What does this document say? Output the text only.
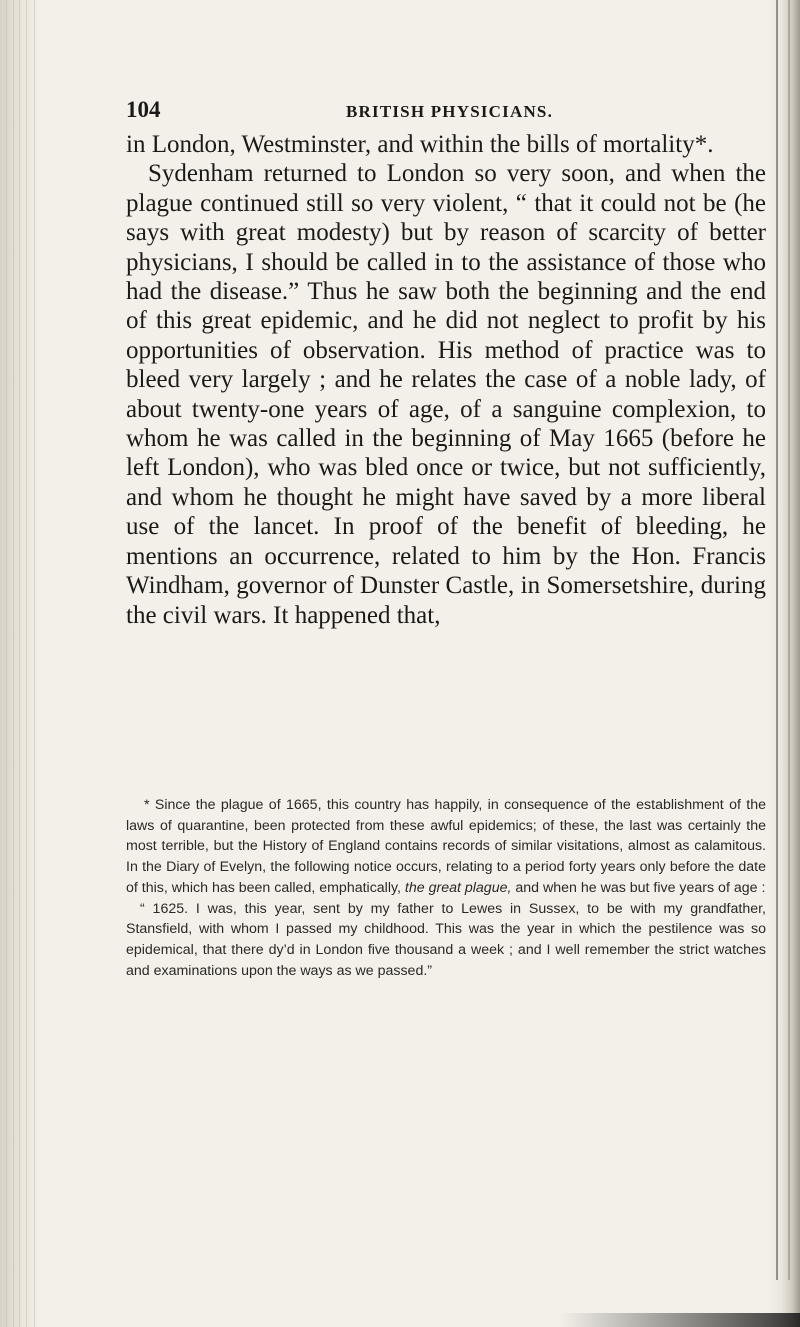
104	BRITISH PHYSICIANS.

in London, Westminster, and within the bills of mortality*.

Sydenham returned to London so very soon, and when the plague continued still so very violent, “ that it could not be (he says with great modesty) but by reason of scarcity of better physicians, I should be called in to the assistance of those who had the disease.” Thus he saw both the beginning and the end of this great epidemic, and he did not neglect to profit by his opportunities of observation. His method of practice was to bleed very largely ; and he relates the case of a noble lady, of about twenty-one years of age, of a sanguine complexion, to whom he was called in the beginning of May 1665 (before he left London), who was bled once or twice, but not sufficiently, and whom he thought he might have saved by a more liberal use of the lancet. In proof of the benefit of bleeding, he mentions an occurrence, related to him by the Hon. Francis Windham, governor of Dunster Castle, in Somersetshire, during the civil wars. It happened that,

* Since the plague of 1665, this country has happily, in consequence of the establishment of the laws of quarantine, been protected from these awful epidemics; of these, the last was certainly the most terrible, but the History of England contains records of similar visitations, almost as calamitous. In the Diary of Evelyn, the following notice occurs, relating to a period forty years only before the date of this, which has been called, emphatically, the great plague, and when he was but five years of age :

“ 1625. I was, this year, sent by my father to Lewes in Sussex, to be with my grandfather, Stansfield, with whom I passed my childhood. This was the year in which the pestilence was so epidemical, that there dy’d in London five thousand a week ; and I well remember the strict watches and examinations upon the ways as we passed.”
